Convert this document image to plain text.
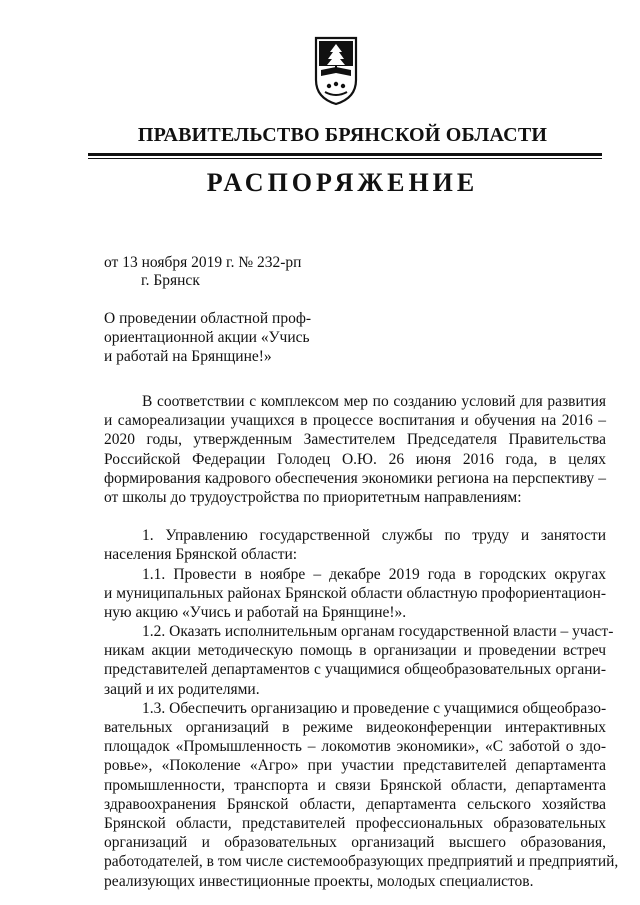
ПРАВИТЕЛЬСТВО БРЯНСКОЙ ОБЛАСТИ
РАСПОРЯЖЕНИЕ
от 13 ноября 2019 г. № 232-рп
г. Брянск
О проведении областной проф-
ориентационной акции «Учись
и работай на Брянщине!»
В соответствии с комплексом мер по созданию условий для развития
и самореализации учащихся в процессе воспитания и обучения на 2016 –
2020 годы, утвержденным Заместителем Председателя Правительства
Российской Федерации Голодец О.Ю. 26 июня 2016 года, в целях
формирования кадрового обеспечения экономики региона на перспективу –
от школы до трудоустройства по приоритетным направлениям:
1. Управлению государственной службы по труду и занятости
населения Брянской области:
1.1. Провести в ноябре – декабре 2019 года в городских округах
и муниципальных районах Брянской области областную профориентацион-
ную акцию «Учись и работай на Брянщине!».
1.2. Оказать исполнительным органам государственной власти – участ-
никам акции методическую помощь в организации и проведении встреч
представителей департаментов с учащимися общеобразовательных органи-
заций и их родителями.
1.3. Обеспечить организацию и проведение с учащимися общеобразо-
вательных организаций в режиме видеоконференции интерактивных
площадок «Промышленность – локомотив экономики», «С заботой о здо-
ровье», «Поколение «Агро» при участии представителей департамента
промышленности, транспорта и связи Брянской области, департамента
здравоохранения Брянской области, департамента сельского хозяйства
Брянской области, представителей профессиональных образовательных
организаций и образовательных организаций высшего образования,
работодателей, в том числе системообразующих предприятий и предприятий,
реализующих инвестиционные проекты, молодых специалистов.
